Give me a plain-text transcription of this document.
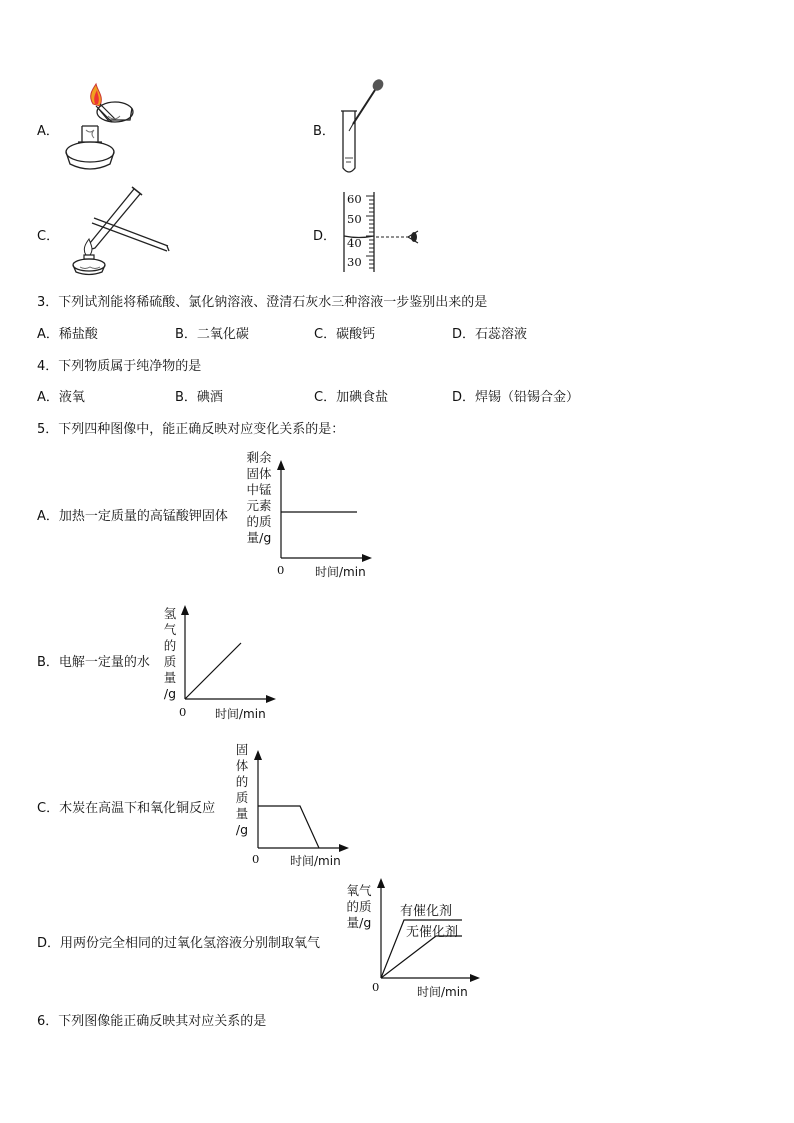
A．	B．
C．	D．
60
50
40
30
3．下列试剂能将稀硫酸、氯化钠溶液、澄清石灰水三种溶液一步鉴别出来的是
A．稀盐酸	B．二氧化碳	C．碳酸钙	D．石蕊溶液
4．下列物质属于纯净物的是
A．液氧	B．碘酒	C．加碘食盐	D．焊锡（铅锡合金）
5．下列四种图像中，能正确反映对应变化关系的是：
A．加热一定质量的高锰酸钾固体
剩余
固体
中锰
元素
的质
量/g
0	时间/min
B．电解一定量的水
氢
气
的
质
量
/g
0 时间/min
C．木炭在高温下和氧化铜反应
固
体
的
质
量
/g
0	时间/min
D．用两份完全相同的过氧化氢溶液分别制取氧气
氧气
的质
量/g
有催化剂
无催化剂
0	时间/min
6．下列图像能正确反映其对应关系的是
